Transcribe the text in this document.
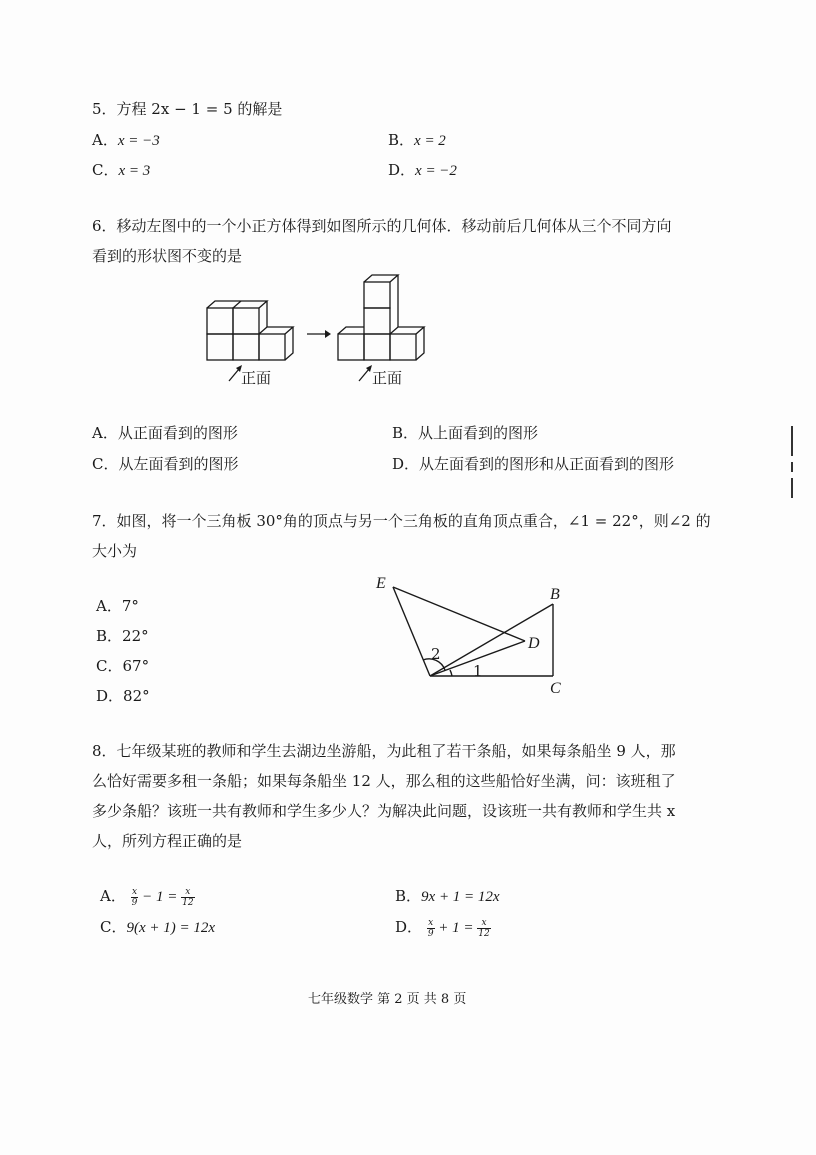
5．方程 2x − 1 = 5 的解是
A．x = −3	B．x = 2
C．x = 3	D．x = −2
6．移动左图中的一个小正方体得到如图所示的几何体．移动前后几何体从三个不同方向
看到的形状图不变的是
正面	正面
A．从正面看到的图形	B．从上面看到的图形
C．从左面看到的图形	D．从左面看到的图形和从正面看到的图形
7．如图，将一个三角板 30°角的顶点与另一个三角板的直角顶点重合，∠1 = 22°，则∠2 的
大小为
A．7°
B．22°
C．67°
D．82°
E
B
D
C
1
2
8．七年级某班的教师和学生去湖边坐游船，为此租了若干条船，如果每条船坐 9 人，那
么恰好需要多租一条船；如果每条船坐 12 人，那么租的这些船恰好坐满，问：该班租了
多少条船？该班一共有教师和学生多少人？为解决此问题，设该班一共有教师和学生共 x
人，所列方程正确的是
A． $\frac{x}{9} - 1 = \frac{x}{12}$	B．9x + 1 = 12x
C．9(x + 1) = 12x	D． $\frac{x}{9} + 1 = \frac{x}{12}$
七年级数学 第 2 页 共 8 页
